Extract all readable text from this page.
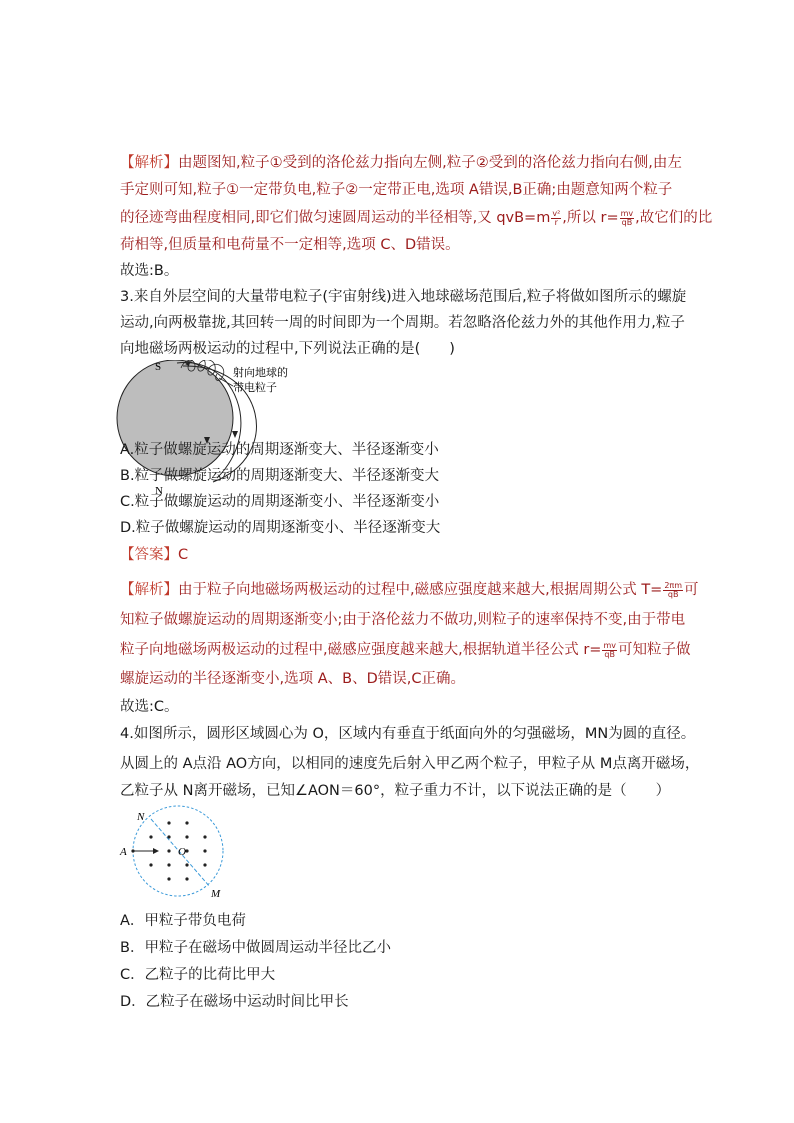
【解析】由题图知,粒子①受到的洛伦兹力指向左侧,粒子②受到的洛伦兹力指向右侧,由左
手定则可知,粒子①一定带负电,粒子②一定带正电,选项 A错误,B正确;由题意知两个粒子
的径迹弯曲程度相同,即它们做匀速圆周运动的半径相等,又 $qvB=m \frac{\text{v²}}{r}$ ,所以 $r= \frac{mv}{qB}$ ,故它们的比
荷相等,但质量和电荷量不一定相等,选项 C、D错误。
故选:B。
3.来自外层空间的大量带电粒子(宇宙射线)进入地球磁场范围后,粒子将做如图所示的螺旋
运动,向两极靠拢,其回转一周的时间即为一个周期。若忽略洛伦兹力外的其他作用力,粒子
向地磁场两极运动的过程中,下列说法正确的是(　　)
S
N
射向地球的
带电粒子
A.粒子做螺旋运动的周期逐渐变大、半径逐渐变小
B.粒子做螺旋运动的周期逐渐变大、半径逐渐变大
C.粒子做螺旋运动的周期逐渐变小、半径逐渐变小
D.粒子做螺旋运动的周期逐渐变小、半径逐渐变大
【答案】C
【解析】由于粒子向地磁场两极运动的过程中,磁感应强度越来越大,根据周期公式 $T= \frac{2\pi m}{qB}$ 可
知粒子做螺旋运动的周期逐渐变小;由于洛伦兹力不做功,则粒子的速率保持不变,由于带电
粒子向地磁场两极运动的过程中,磁感应强度越来越大,根据轨道半径公式 $r= \frac{mv}{qB}$ 可知粒子做
螺旋运动的半径逐渐变小,选项 A、B、D错误,C正确。
故选:C。
4.如图所示，圆形区域圆心为 O，区域内有垂直于纸面向外的匀强磁场，MN为圆的直径。
从圆上的 A点沿 AO方向，以相同的速度先后射入甲乙两个粒子，甲粒子从 M点离开磁场，
乙粒子从 N离开磁场，已知∠AON＝60°，粒子重力不计，以下说法正确的是（　　）
N
A	O
M
A．甲粒子带负电荷
B．甲粒子在磁场中做圆周运动半径比乙小
C．乙粒子的比荷比甲大
D．乙粒子在磁场中运动时间比甲长
